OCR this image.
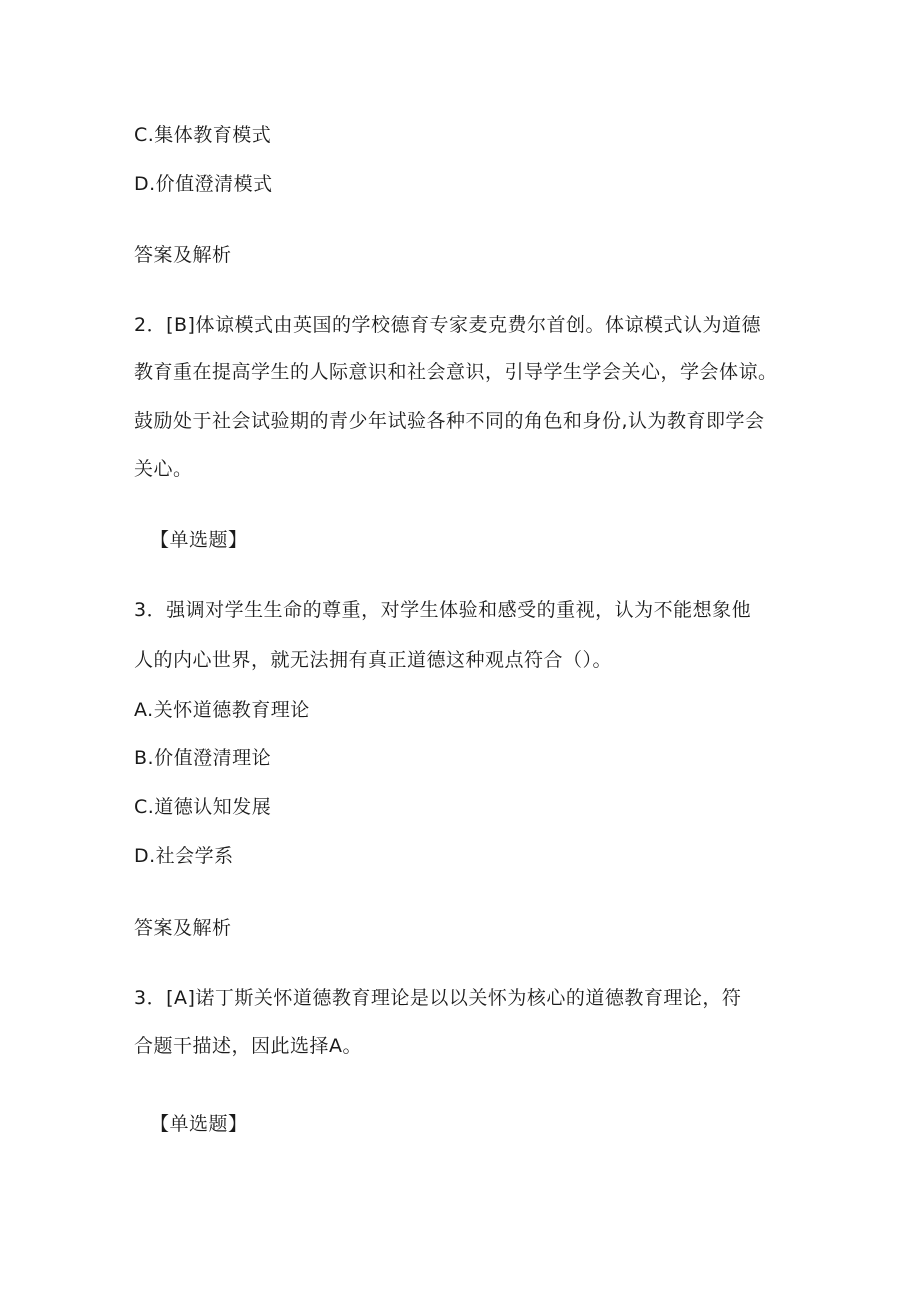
C.集体教育模式
D.价值澄清模式
答案及解析
2．[B]体谅模式由英国的学校德育专家麦克费尔首创。体谅模式认为道德
教育重在提高学生的人际意识和社会意识，引导学生学会关心，学会体谅。
鼓励处于社会试验期的青少年试验各种不同的角色和身份,认为教育即学会
关心。
【单选题】
3．强调对学生生命的尊重，对学生体验和感受的重视，认为不能想象他
人的内心世界，就无法拥有真正道德这种观点符合（）。
A.关怀道德教育理论
B.价值澄清理论
C.道德认知发展
D.社会学系
答案及解析
3．[A]诺丁斯关怀道德教育理论是以以关怀为核心的道德教育理论，符
合题干描述，因此选择A。
【单选题】
